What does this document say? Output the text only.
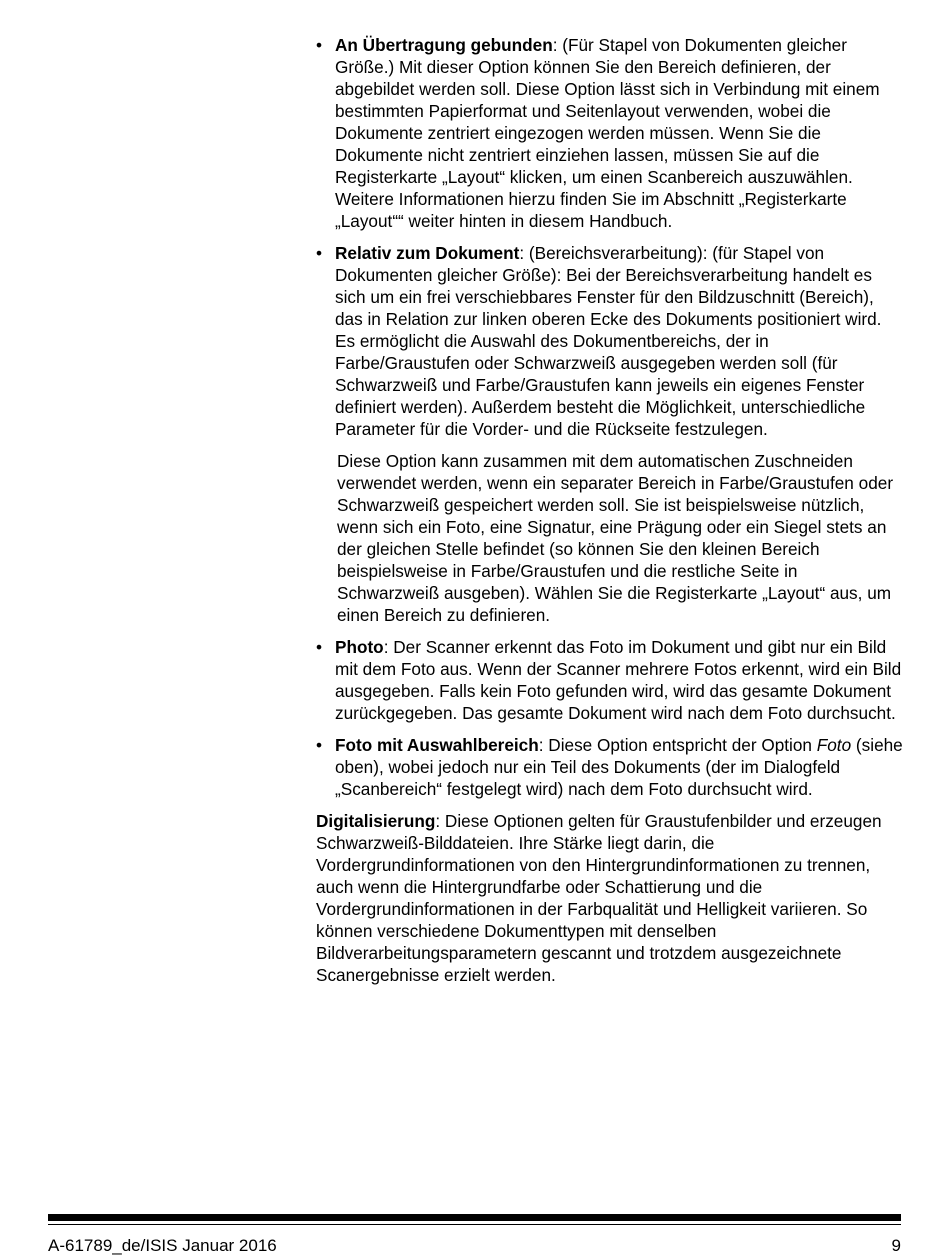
• An Übertragung gebunden: (Für Stapel von Dokumenten gleicher Größe.) Mit dieser Option können Sie den Bereich definieren, der abgebildet werden soll. Diese Option lässt sich in Verbindung mit einem bestimmten Papierformat und Seitenlayout verwenden, wobei die Dokumente zentriert eingezogen werden müssen. Wenn Sie die Dokumente nicht zentriert einziehen lassen, müssen Sie auf die Registerkarte „Layout“ klicken, um einen Scanbereich auszuwählen. Weitere Informationen hierzu finden Sie im Abschnitt „Registerkarte „Layout““ weiter hinten in diesem Handbuch.
• Relativ zum Dokument: (Bereichsverarbeitung): (für Stapel von Dokumenten gleicher Größe): Bei der Bereichsverarbeitung handelt es sich um ein frei verschiebbares Fenster für den Bildzuschnitt (Bereich), das in Relation zur linken oberen Ecke des Dokuments positioniert wird. Es ermöglicht die Auswahl des Dokumentbereichs, der in Farbe/Graustufen oder Schwarzweiß ausgegeben werden soll (für Schwarzweiß und Farbe/Graustufen kann jeweils ein eigenes Fenster definiert werden). Außerdem besteht die Möglichkeit, unterschiedliche Parameter für die Vorder- und die Rückseite festzulegen.

Diese Option kann zusammen mit dem automatischen Zuschneiden verwendet werden, wenn ein separater Bereich in Farbe/Graustufen oder Schwarzweiß gespeichert werden soll. Sie ist beispielsweise nützlich, wenn sich ein Foto, eine Signatur, eine Prägung oder ein Siegel stets an der gleichen Stelle befindet (so können Sie den kleinen Bereich beispielsweise in Farbe/Graustufen und die restliche Seite in Schwarzweiß ausgeben). Wählen Sie die Registerkarte „Layout“ aus, um einen Bereich zu definieren.

• Photo: Der Scanner erkennt das Foto im Dokument und gibt nur ein Bild mit dem Foto aus. Wenn der Scanner mehrere Fotos erkennt, wird ein Bild ausgegeben. Falls kein Foto gefunden wird, wird das gesamte Dokument zurückgegeben. Das gesamte Dokument wird nach dem Foto durchsucht.
• Foto mit Auswahlbereich: Diese Option entspricht der Option Foto (siehe oben), wobei jedoch nur ein Teil des Dokuments (der im Dialogfeld „Scanbereich“ festgelegt wird) nach dem Foto durchsucht wird.

Digitalisierung: Diese Optionen gelten für Graustufenbilder und erzeugen Schwarzweiß-Bilddateien. Ihre Stärke liegt darin, die Vordergrundinformationen von den Hintergrundinformationen zu trennen, auch wenn die Hintergrundfarbe oder Schattierung und die Vordergrundinformationen in der Farbqualität und Helligkeit variieren. So können verschiedene Dokumenttypen mit denselben Bildverarbeitungsparametern gescannt und trotzdem ausgezeichnete Scanergebnisse erzielt werden.

A-61789_de/ISIS Januar 2016	9
